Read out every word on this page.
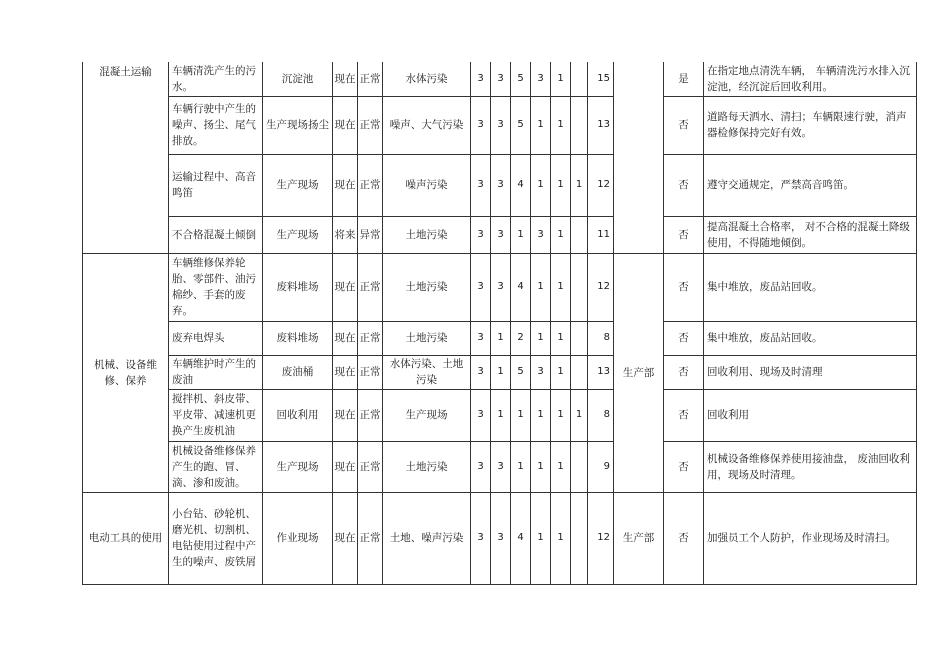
混凝土运输	车辆清洗产生的污水。	沉淀池	现在	正常	水体污染	3	3	5	3	1		15		是	在指定地点清洗车辆， 车辆清洗污水排入沉淀池，经沉淀后回收利用。
	车辆行驶中产生的噪声、扬尘、尾气排放。	生产现场扬尘	现在	正常	噪声、大气污染	3	3	5	1	1		13		否	道路每天洒水、清扫；车辆限速行驶，消声器检修保持完好有效。
	运输过程中、高音鸣笛	生产现场	现在	正常	噪声污染	3	3	4	1	1	1	12		否	遵守交通规定，严禁高音鸣笛。
	不合格混凝土倾倒	生产现场	将来	异常	土地污染	3	3	1	3	1		11		否	提高混凝土合格率， 对不合格的混凝土降级使用，不得随地倾倒。
机械、设备维修、保养	车辆维修保养轮胎、零部件、油污棉纱、手套的废弃。	废料堆场	现在	正常	土地污染	3	3	4	1	1		12	生产部	否	集中堆放，废品站回收。
	废弃电焊头	废料堆场	现在	正常	土地污染	3	1	2	1	1		8		否	集中堆放，废品站回收。
	车辆维护时产生的废油	废油桶	现在	正常	水体污染、土地污染	3	1	5	3	1		13		否	回收利用、现场及时清理
	搅拌机、斜皮带、平皮带、减速机更换产生废机油	回收利用	现在	正常	生产现场	3	1	1	1	1	1	8		否	回收利用
	机械设备维修保养产生的跑、冒、滴、渗和废油。	生产现场	现在	正常	土地污染	3	3	1	1	1		9		否	机械设备维修保养使用接油盘， 废油回收利用，现场及时清理。
电动工具的使用	小台钻、砂轮机、磨光机、切割机、电钻使用过程中产生的噪声、废铁屑	作业现场	现在	正常	土地、噪声污染	3	3	4	1	1		12	生产部	否	加强员工个人防护，作业现场及时清扫。
